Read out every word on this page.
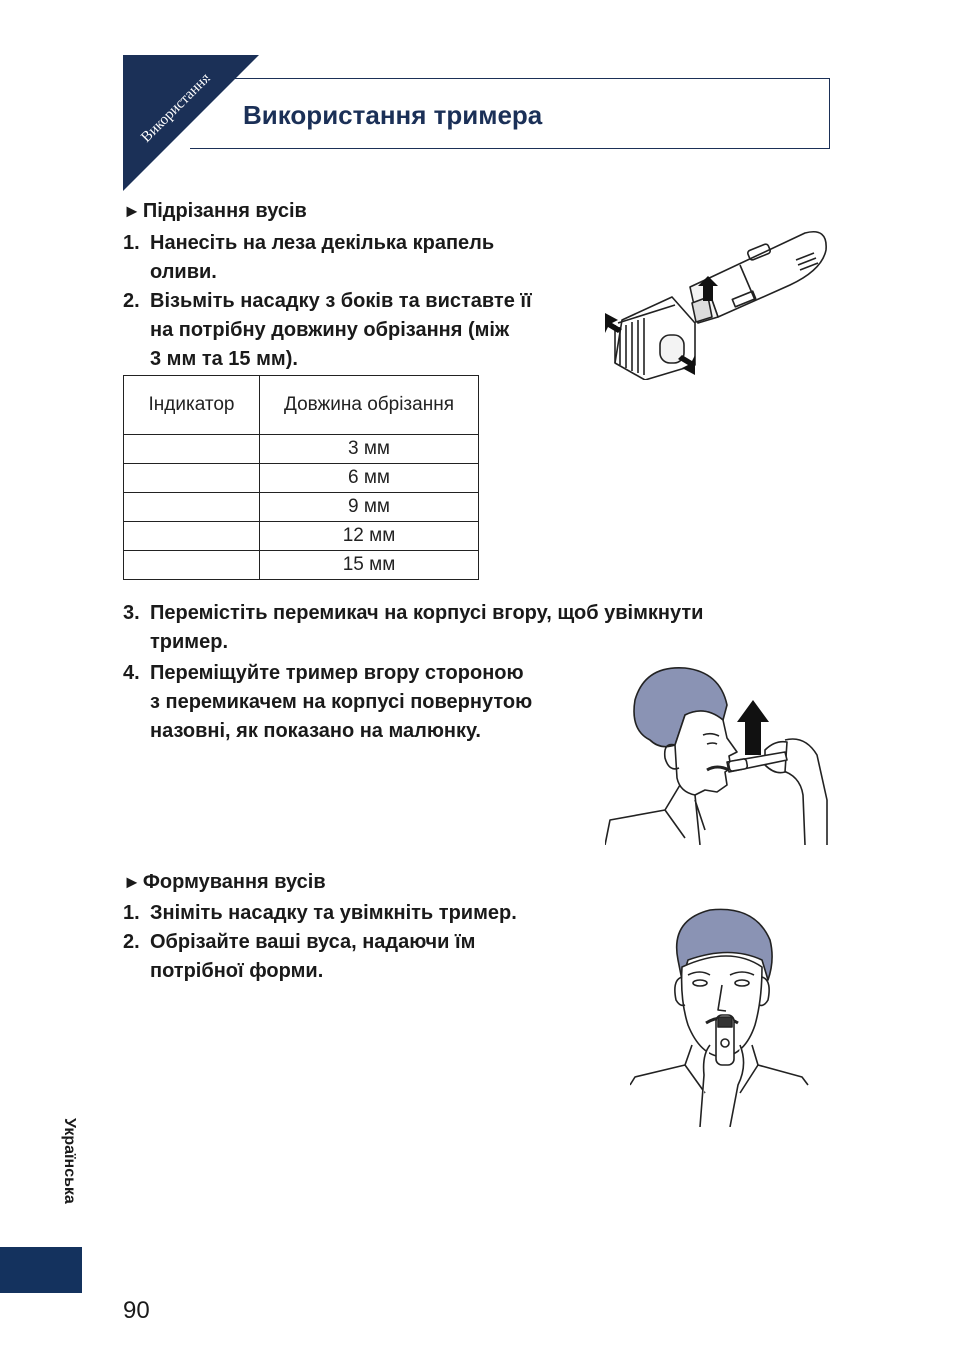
Використання	Використання тримера
► Підрізання вусів
1. Нанесіть на леза декілька крапель
оливи.
2. Візьміть насадку з боків та виставте її
на потрібну довжину обрізання (між
3 мм та 15 мм).
Індикатор	Довжина обрізання
	3 мм
	6 мм
	9 мм
	12 мм
	15 мм
3. Перемістіть перемикач на корпусі вгору, щоб увімкнути
тример.
4. Переміщуйте тример вгору стороною
з перемикачем на корпусі повернутою
назовні, як показано на малюнку.
► Формування вусів
1. Зніміть насадку та увімкніть тример.
2. Обрізайте ваші вуса, надаючи їм
потрібної форми.
Українська
90
